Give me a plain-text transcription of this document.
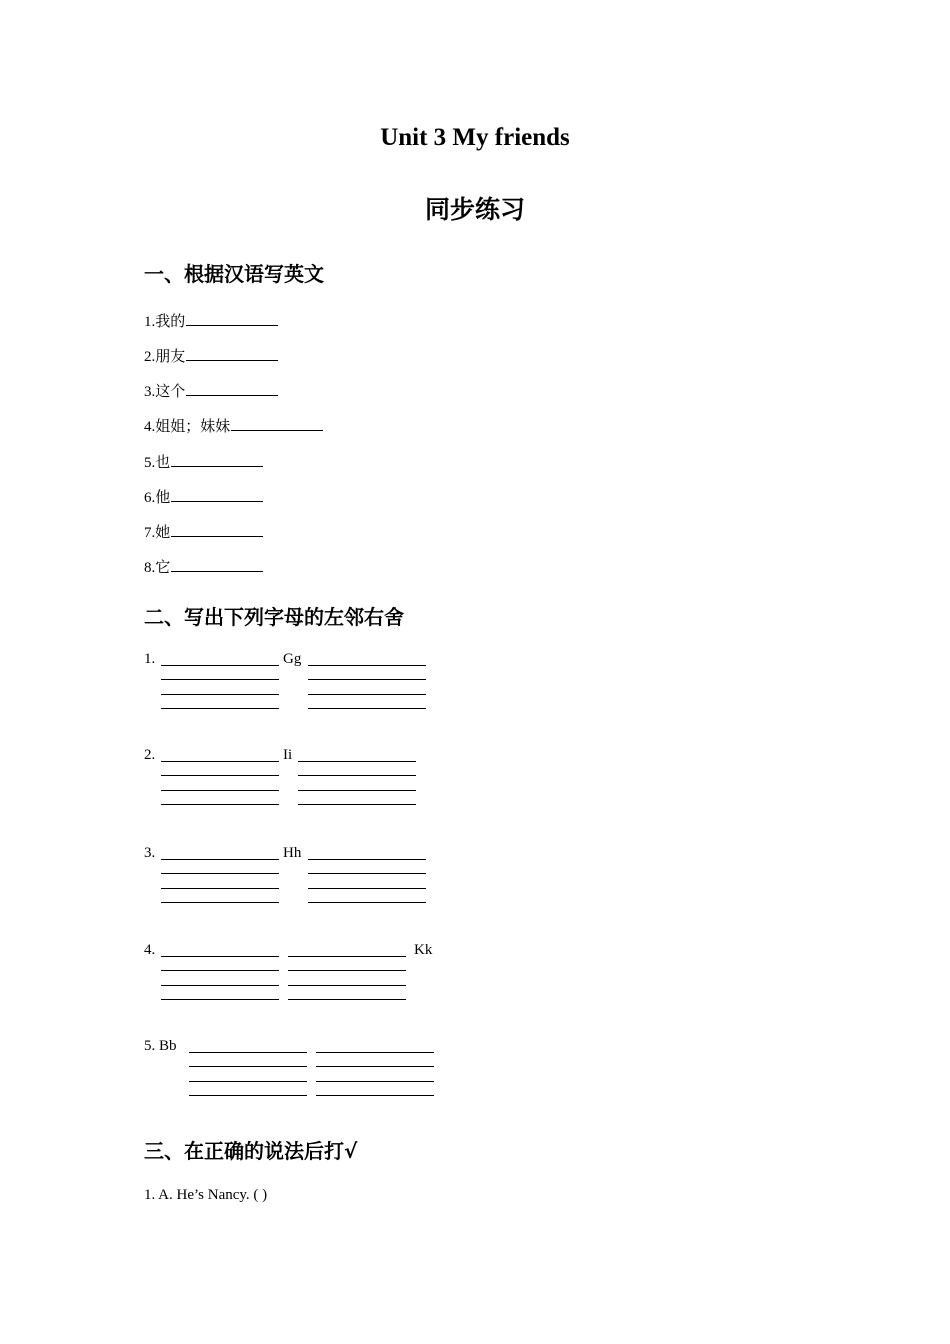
Unit 3 My friends
同步练习
一、根据汉语写英文
1.我的
2.朋友
3.这个
4.姐姐；妹妹
5.也
6.他
7.她
8.它
二、写出下列字母的左邻右舍
1.	Gg
2.	Ii
3.	Hh
4.	Kk
5. Bb
三、在正确的说法后打√
1. A. He’s Nancy. ( )
